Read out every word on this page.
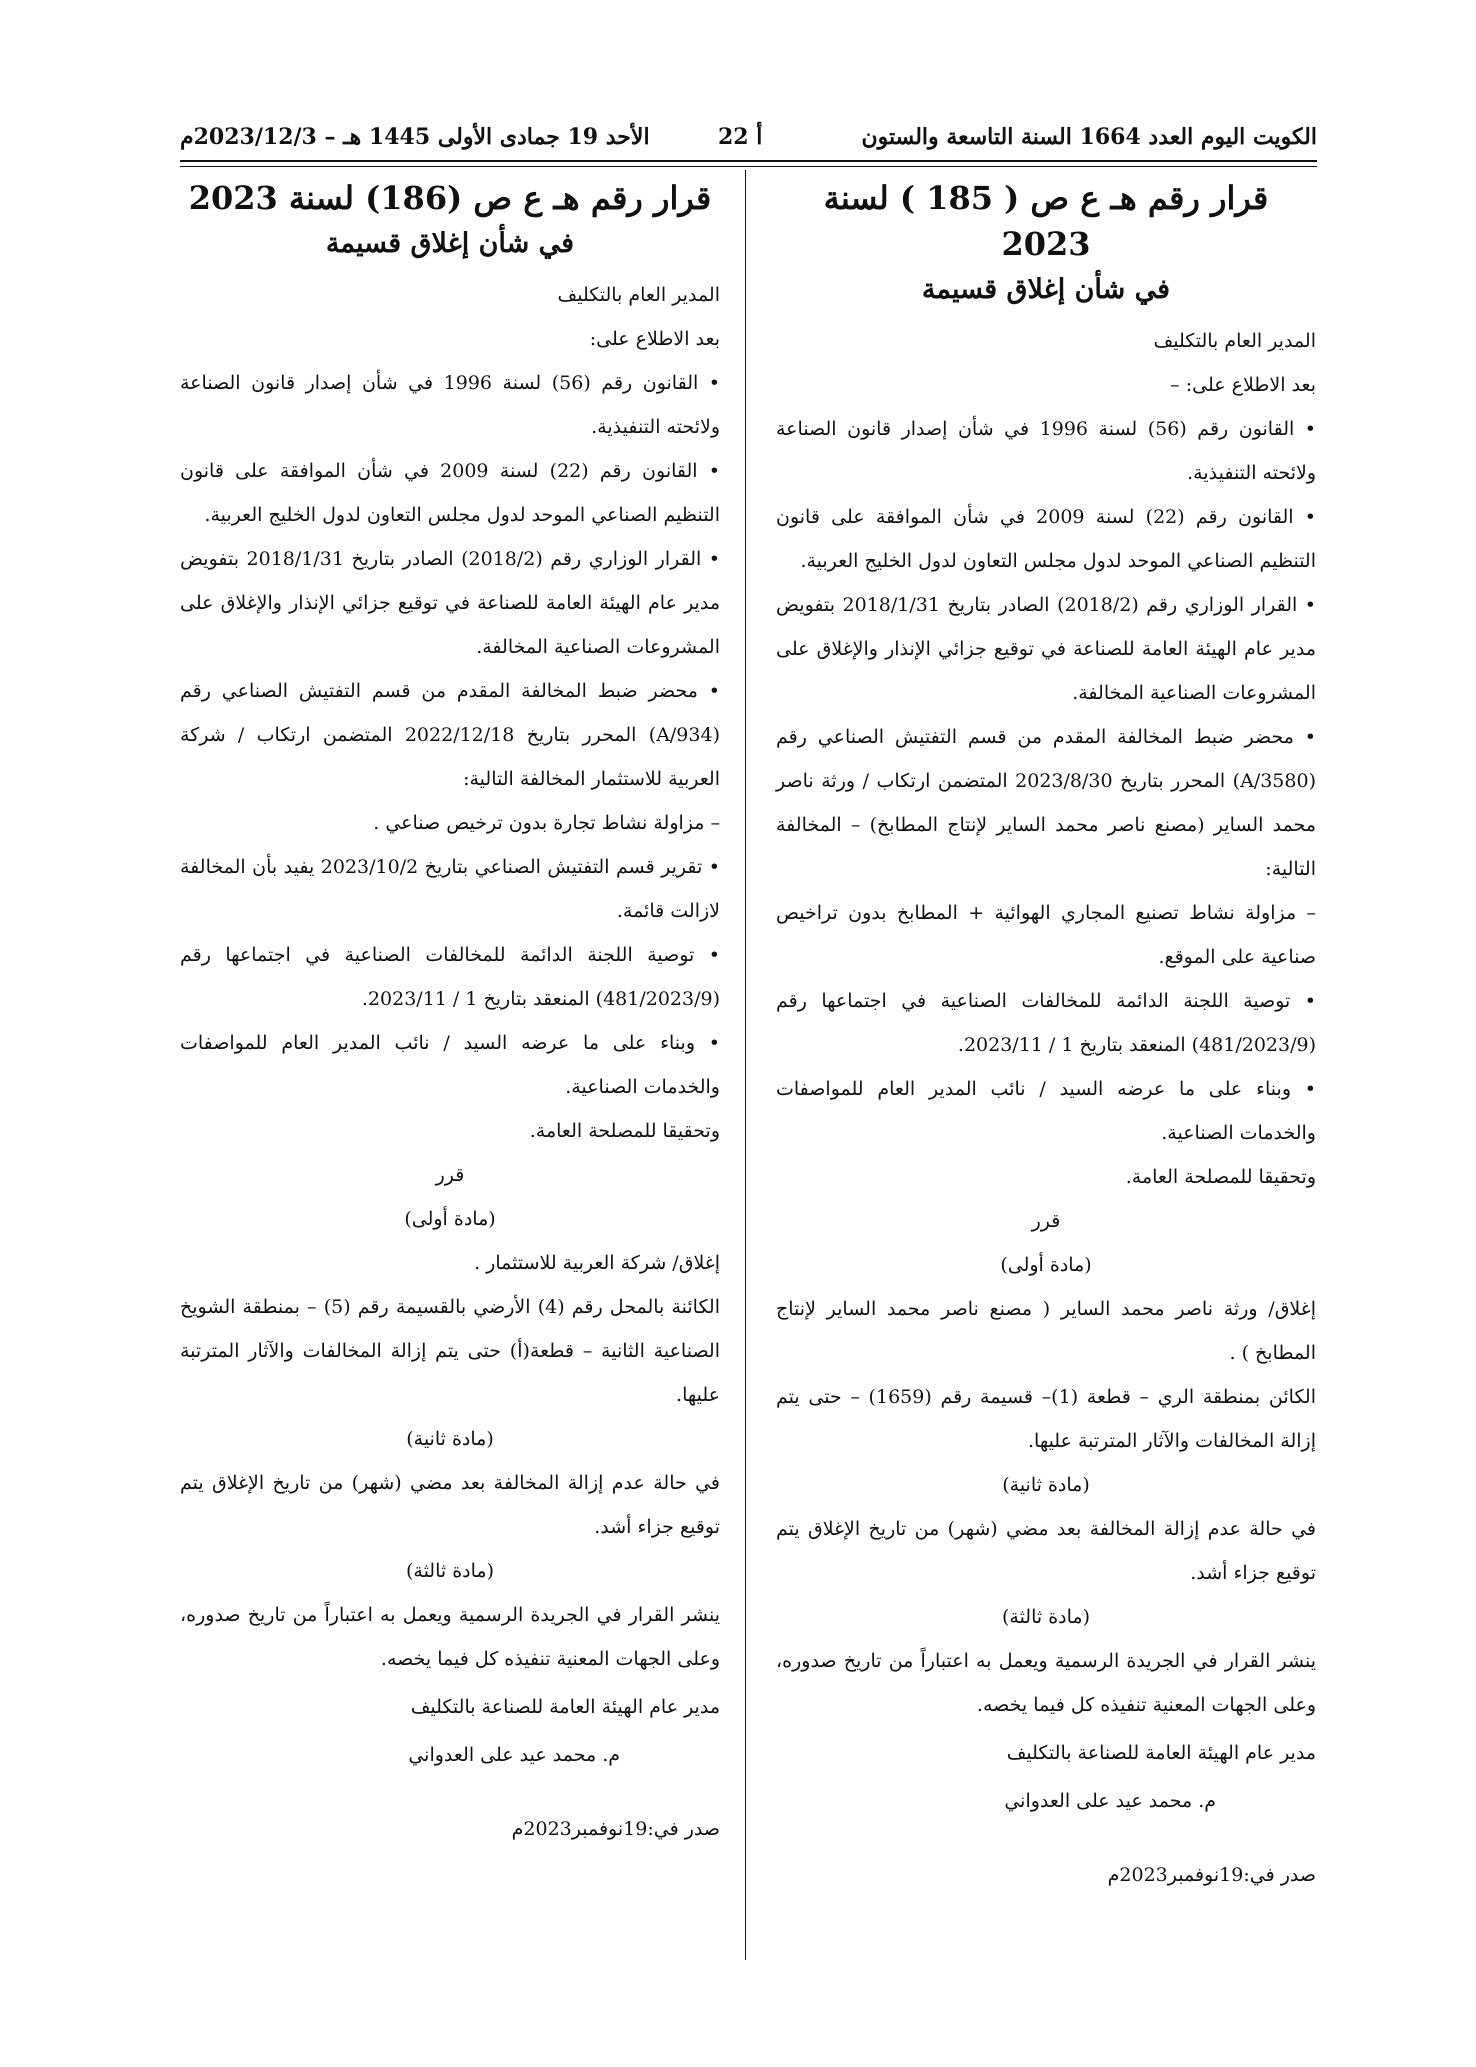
الكويت اليوم العدد 1664 السنة التاسعة والستون
أ 22
الأحد 19 جمادى الأولى 1445 هـ – 2023/12/3م
قرار رقم هـ ع ص ( 185 ) لسنة 2023
في شأن إغلاق قسيمة

المدير العام بالتكليف

بعد الاطلاع على: –

• القانون رقم (56) لسنة 1996 في شأن إصدار قانون الصناعة ولائحته التنفيذية.

• القانون رقم (22) لسنة 2009 في شأن الموافقة على قانون التنظيم الصناعي الموحد لدول مجلس التعاون لدول الخليج العربية.

• القرار الوزاري رقم (2018/2) الصادر بتاريخ 2018/1/31 بتفويض مدير عام الهيئة العامة للصناعة في توقيع جزائي الإنذار والإغلاق على المشروعات الصناعية المخالفة.

• محضر ضبط المخالفة المقدم من قسم التفتيش الصناعي رقم (A/3580) المحرر بتاريخ 2023/8/30 المتضمن ارتكاب / ورثة ناصر محمد الساير (مصنع ناصر محمد الساير لإنتاج المطابخ) – المخالفة التالية:

– مزاولة نشاط تصنيع المجاري الهوائية + المطابخ بدون تراخيص صناعية على الموقع.

• توصية اللجنة الدائمة للمخالفات الصناعية في اجتماعها رقم (481/2023/9) المنعقد بتاريخ 1 / 2023/11.

• وبناء على ما عرضه السيد / نائب المدير العام للمواصفات والخدمات الصناعية.

وتحقيقا للمصلحة العامة.

قرر

(مادة أولى)

إغلاق/ ورثة ناصر محمد الساير ( مصنع ناصر محمد الساير لإنتاج المطابخ ) .

الكائن بمنطقة الري – قطعة (1)– قسيمة رقم (1659) – حتى يتم إزالة المخالفات والآثار المترتبة عليها.

(مادة ثانية)

في حالة عدم إزالة المخالفة بعد مضي (شهر) من تاريخ الإغلاق يتم توقيع جزاء أشد.

(مادة ثالثة)

ينشر القرار في الجريدة الرسمية ويعمل به اعتباراً من تاريخ صدوره، وعلى الجهات المعنية تنفيذه كل فيما يخصه.

مدير عام الهيئة العامة للصناعة بالتكليف

م. محمد عيد على العدواني

صدر في:19نوفمبر2023م

قرار رقم هـ ع ص (186) لسنة 2023
في شأن إغلاق قسيمة

المدير العام بالتكليف

بعد الاطلاع على:

• القانون رقم (56) لسنة 1996 في شأن إصدار قانون الصناعة ولائحته التنفيذية.

• القانون رقم (22) لسنة 2009 في شأن الموافقة على قانون التنظيم الصناعي الموحد لدول مجلس التعاون لدول الخليج العربية.

• القرار الوزاري رقم (2018/2) الصادر بتاريخ 2018/1/31 بتفويض مدير عام الهيئة العامة للصناعة في توقيع جزائي الإنذار والإغلاق على المشروعات الصناعية المخالفة.

• محضر ضبط المخالفة المقدم من قسم التفتيش الصناعي رقم (A/934) المحرر بتاريخ 2022/12/18 المتضمن ارتكاب / شركة العربية للاستثمار المخالفة التالية:

– مزاولة نشاط تجارة بدون ترخيص صناعي .

• تقرير قسم التفتيش الصناعي بتاريخ 2023/10/2 يفيد بأن المخالفة لازالت قائمة.

• توصية اللجنة الدائمة للمخالفات الصناعية في اجتماعها رقم (481/2023/9) المنعقد بتاريخ 1 / 2023/11.

• وبناء على ما عرضه السيد / نائب المدير العام للمواصفات والخدمات الصناعية.

وتحقيقا للمصلحة العامة.

قرر

(مادة أولى)

إغلاق/ شركة العربية للاستثمار .

الكائنة بالمحل رقم (4) الأرضي بالقسيمة رقم (5) – بمنطقة الشويخ الصناعية الثانية – قطعة(أ) حتى يتم إزالة المخالفات والآثار المترتبة عليها.

(مادة ثانية)

في حالة عدم إزالة المخالفة بعد مضي (شهر) من تاريخ الإغلاق يتم توقيع جزاء أشد.

(مادة ثالثة)

ينشر القرار في الجريدة الرسمية ويعمل به اعتباراً من تاريخ صدوره، وعلى الجهات المعنية تنفيذه كل فيما يخصه.

مدير عام الهيئة العامة للصناعة بالتكليف

م. محمد عيد على العدواني

صدر في:19نوفمبر2023م
